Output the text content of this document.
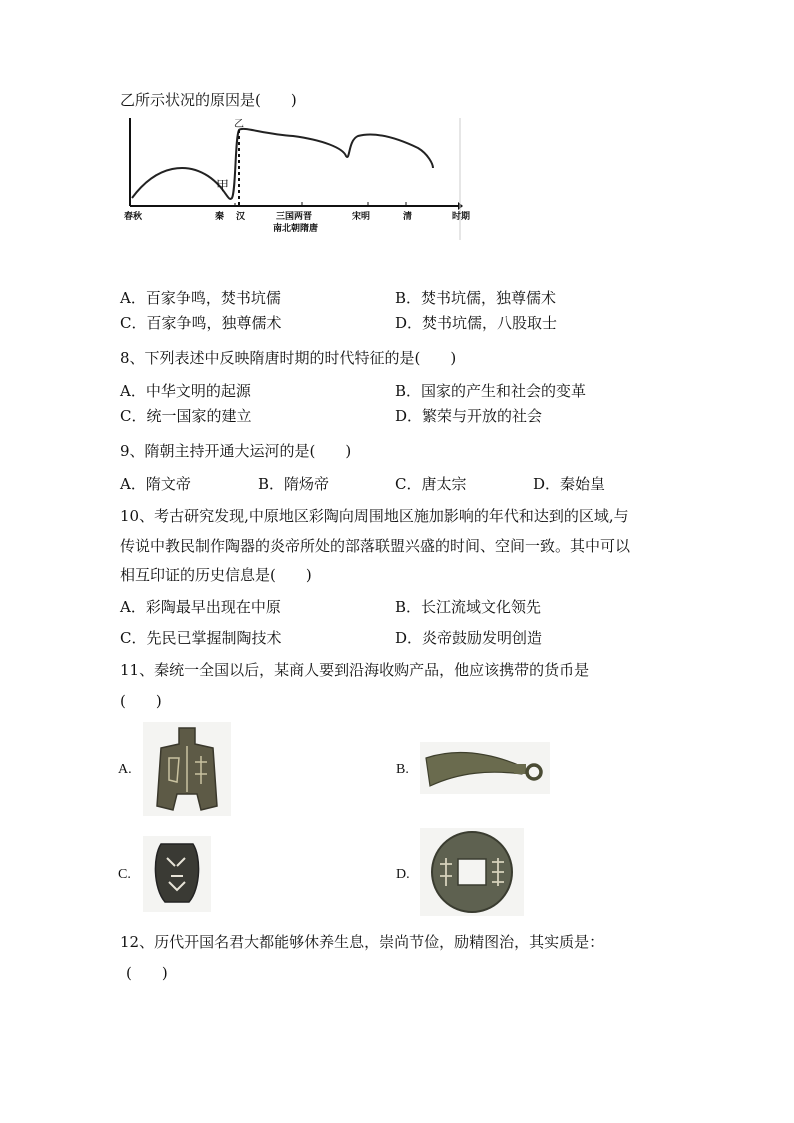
乙所示状况的原因是(　　)
乙
甲
春秋	秦 汉	三国两晋
南北朝隋唐
宋明	清	时期
A．百家争鸣，焚书坑儒	B．焚书坑儒，独尊儒术
C．百家争鸣，独尊儒术	D．焚书坑儒，八股取士
8、下列表述中反映隋唐时期的时代特征的是(　　)
A．中华文明的起源	B．国家的产生和社会的变革
C．统一国家的建立	D．繁荣与开放的社会
9、隋朝主持开通大运河的是(　　)
A．隋文帝	B．隋炀帝	C．唐太宗	D．秦始皇
10、考古研究发现,中原地区彩陶向周围地区施加影响的年代和达到的区域,与
传说中教民制作陶器的炎帝所处的部落联盟兴盛的时间、空间一致。其中可以
相互印证的历史信息是(　　)
A．彩陶最早出现在中原	B．长江流域文化领先
C．先民已掌握制陶技术	D．炎帝鼓励发明创造
11、秦统一全国以后，某商人要到沿海收购产品，他应该携带的货币是
(　　)
A.	B.
C.	D.
12、历代开国名君大都能够休养生息，崇尚节俭，励精图治，其实质是：
(　　)
